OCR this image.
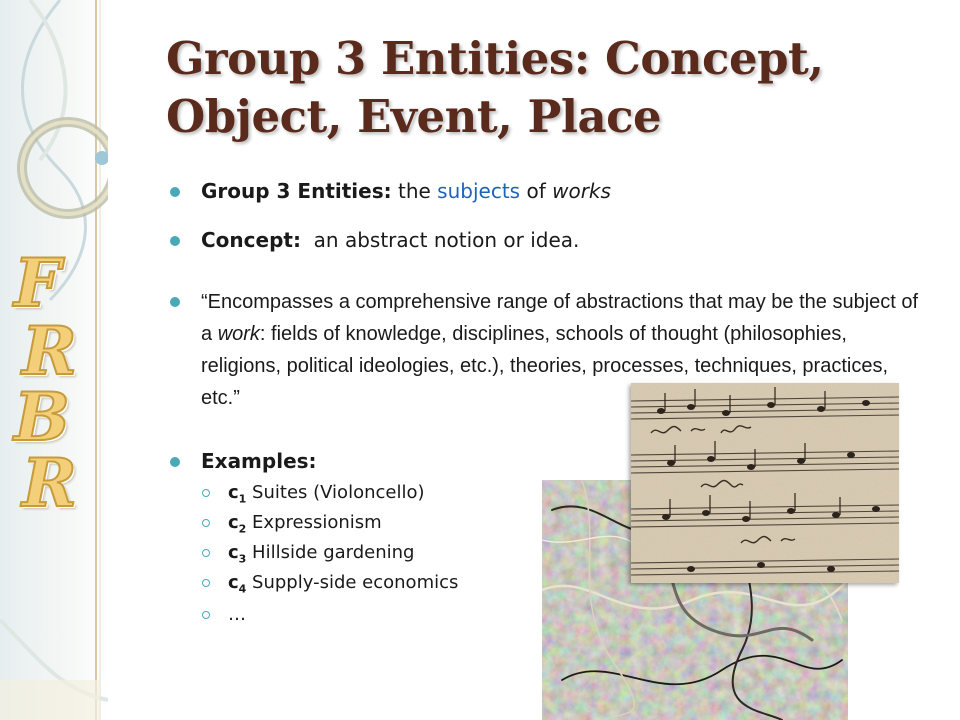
F
R
B
R
Group 3 Entities: Concept, Object, Event, Place
Group 3 Entities: the subjects of works
Concept:  an abstract notion or idea.
“Encompasses a comprehensive range of abstractions that may be the subject of a work: fields of knowledge, disciplines, schools of thought (philosophies, religions, political ideologies, etc.), theories, processes, techniques, practices, etc.”
Examples:
$c_1$ Suites (Violoncello)
$c_2$ Expressionism
$c_3$ Hillside gardening
$c_4$ Supply-side economics
…
